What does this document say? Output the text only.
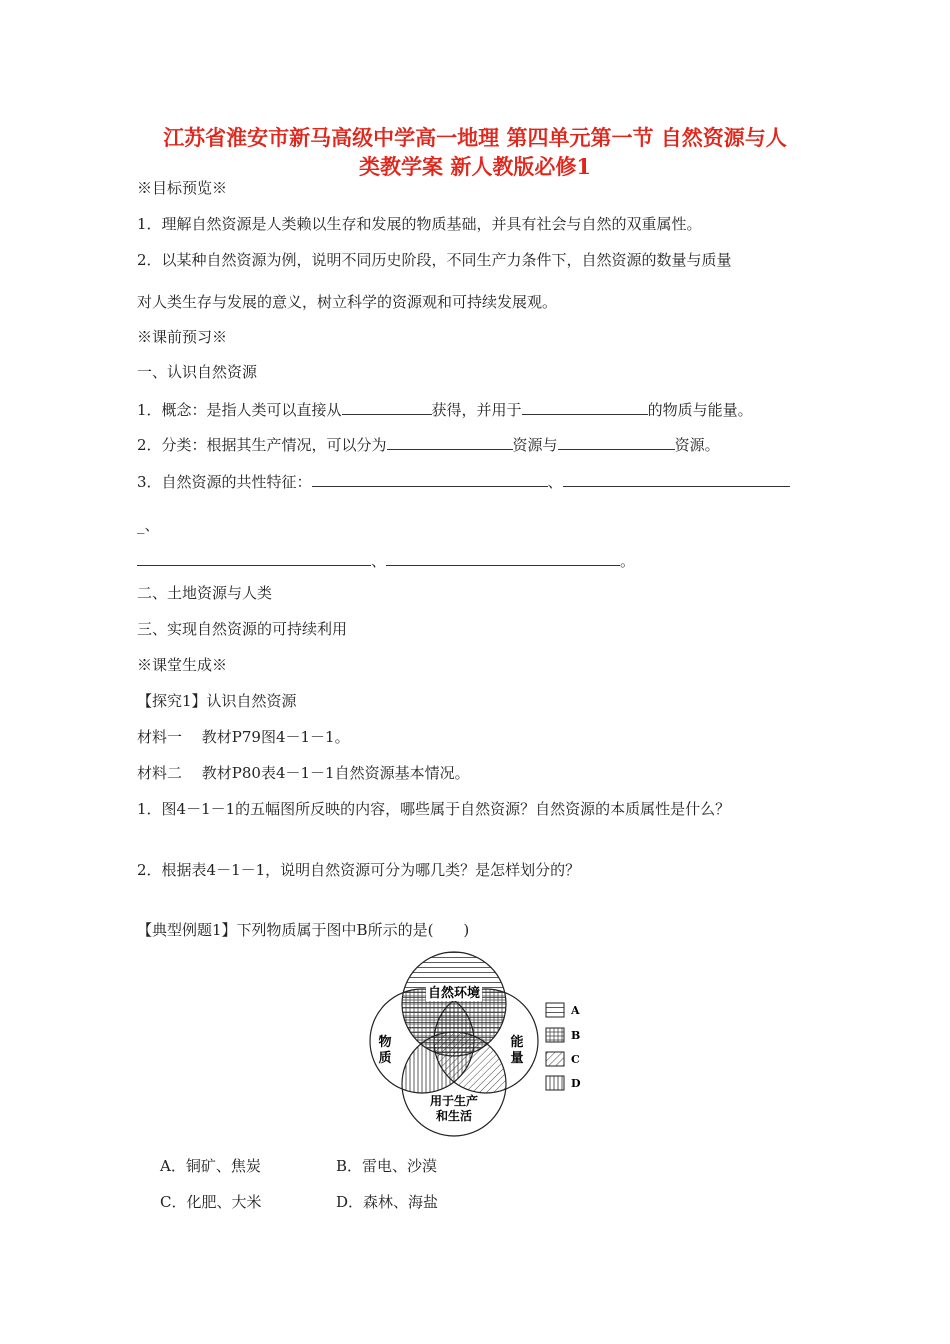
江苏省淮安市新马高级中学高一地理 第四单元第一节 自然资源与人
类教学案 新人教版必修1
※目标预览※
1．理解自然资源是人类赖以生存和发展的物质基础，并具有社会与自然的双重属性。
2．以某种自然资源为例，说明不同历史阶段，不同生产力条件下，自然资源的数量与质量
对人类生存与发展的意义，树立科学的资源观和可持续发展观。
※课前预习※
一、认识自然资源
1．概念：是指人类可以直接从	获得，并用于	的物质与能量。
2．分类：根据其生产情况，可以分为	资源与	资源。
3．自然资源的共性特征：	、
_、
、	。
二、土地资源与人类
三、实现自然资源的可持续利用
※课堂生成※
【探究1】认识自然资源
材料一　 教材P79图4－1－1。
材料二　 教材P80表4－1－1自然资源基本情况。
1．图4－1－1的五幅图所反映的内容，哪些属于自然资源？自然资源的本质属性是什么？
2．根据表4－1－1，说明自然资源可分为哪几类？是怎样划分的？
【典型例题1】下列物质属于图中B所示的是(　　)
自然环境
物
质
能
量
用于生产
和生活
A
B
C
D
A．铜矿、焦炭	B．雷电、沙漠
C．化肥、大米	D．森林、海盐
